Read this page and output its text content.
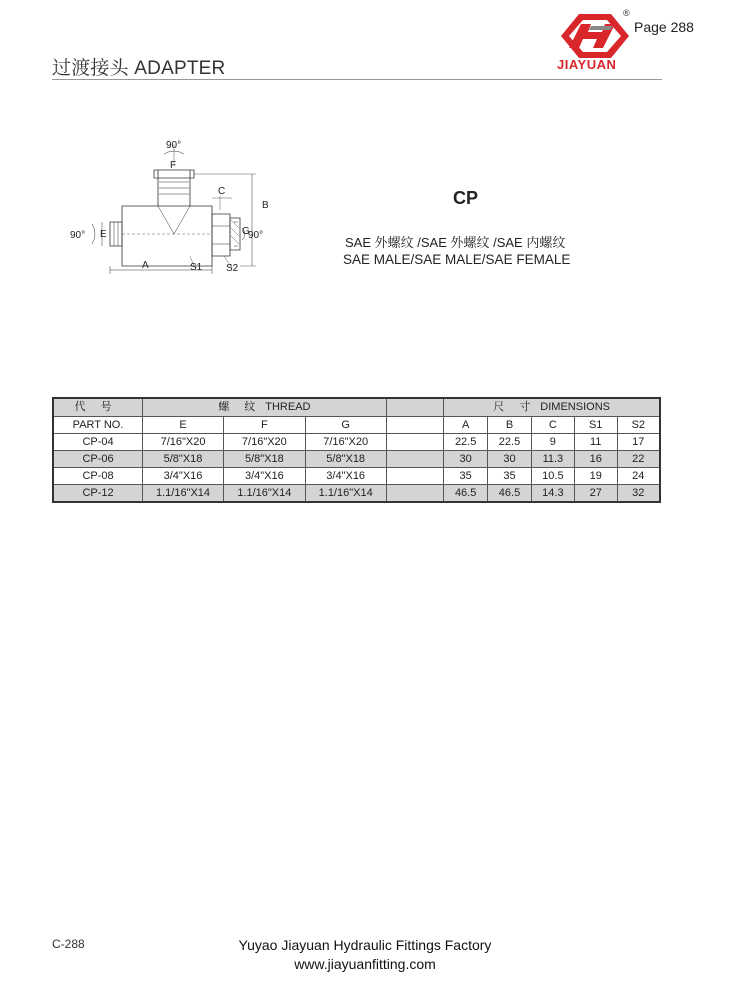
过渡接头 ADAPTER
®
JIAYUAN
Page 288
90°
F
90° E
C
B
G
90°
A	S1 S2
CP
SAE 外螺纹 /SAE 外螺纹 /SAE 内螺纹
SAE MALE/SAE MALE/SAE FEMALE
代 号	螺 纹 THREAD				尺 寸 DIMENSIONS				
PART NO.	E	F	G		A	B	C	S1	S2
CP-04	7/16"X20	7/16"X20	7/16"X20		22.5	22.5	9	11	17
CP-06	5/8"X18	5/8"X18	5/8"X18		30	30	11.3	16	22
CP-08	3/4"X16	3/4"X16	3/4"X16		35	35	10.5	19	24
CP-12	1.1/16"X14	1.1/16"X14	1.1/16"X14		46.5	46.5	14.3	27	32
C-288	Yuyao Jiayuan Hydraulic Fittings Factory
www.jiayuanfitting.com
